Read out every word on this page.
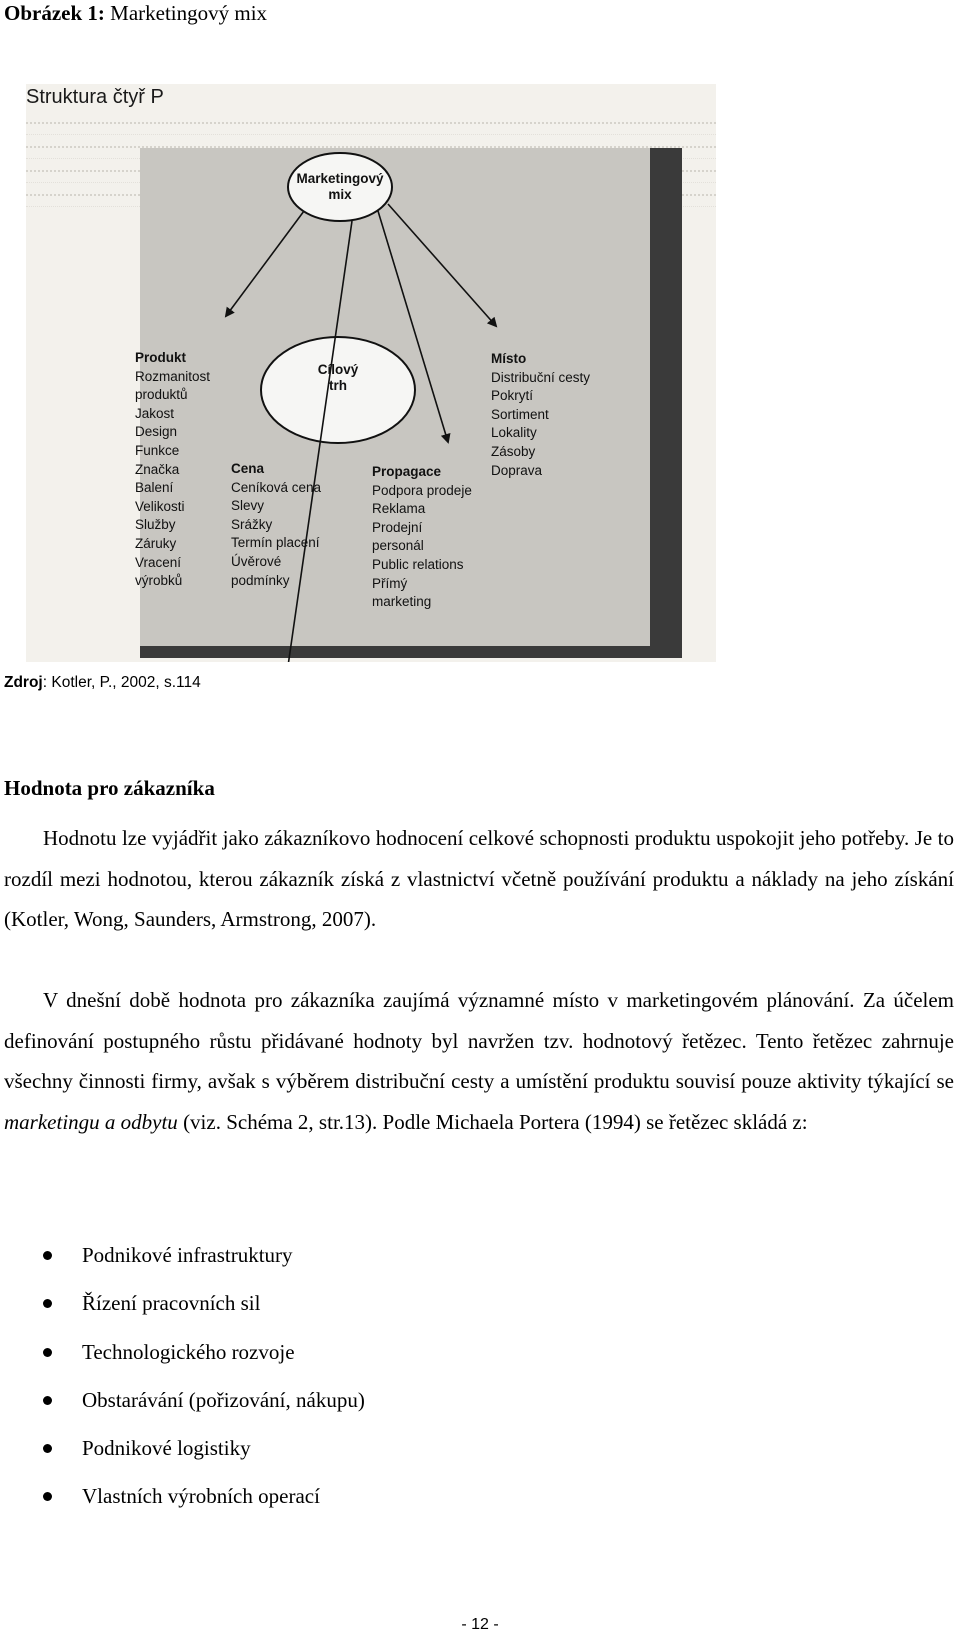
Obrázek 1: Marketingový mix
Struktura čtyř P
Marketingový
mix
Cílový
trh
Produkt
Rozmanitost
produktů
Jakost
Design
Funkce
Značka
Balení
Velikosti
Služby
Záruky
Vracení
výrobků
Cena
Ceníková cena
Slevy
Srážky
Termín placení
Úvěrové
podmínky
Propagace
Podpora prodeje
Reklama
Prodejní
personál
Public relations
Přímý
marketing
Místo
Distribuční cesty
Pokrytí
Sortiment
Lokality
Zásoby
Doprava
Zdroj: Kotler, P., 2002, s.114
Hodnota pro zákazníka

Hodnotu lze vyjádřit jako zákazníkovo hodnocení celkové schopnosti produktu uspokojit jeho potřeby. Je to rozdíl mezi hodnotou, kterou zákazník získá z vlastnictví včetně používání produktu a náklady na jeho získání (Kotler, Wong, Saunders, Armstrong, 2007).

V dnešní době hodnota pro zákazníka zaujímá významné místo v marketingovém plánování. Za účelem definování postupného růstu přidávané hodnoty byl navržen tzv. hodnotový řetězec. Tento řetězec zahrnuje všechny činnosti firmy, avšak s výběrem distribuční cesty a umístění produktu souvisí pouze aktivity týkající se marketingu a odbytu (viz. Schéma 2, str.13). Podle Michaela Portera (1994) se řetězec skládá z:

Podnikové infrastruktury
Řízení pracovních sil
Technologického rozvoje
Obstarávání (pořizování, nákupu)
Podnikové logistiky
Vlastních výrobních operací
- 12 -
